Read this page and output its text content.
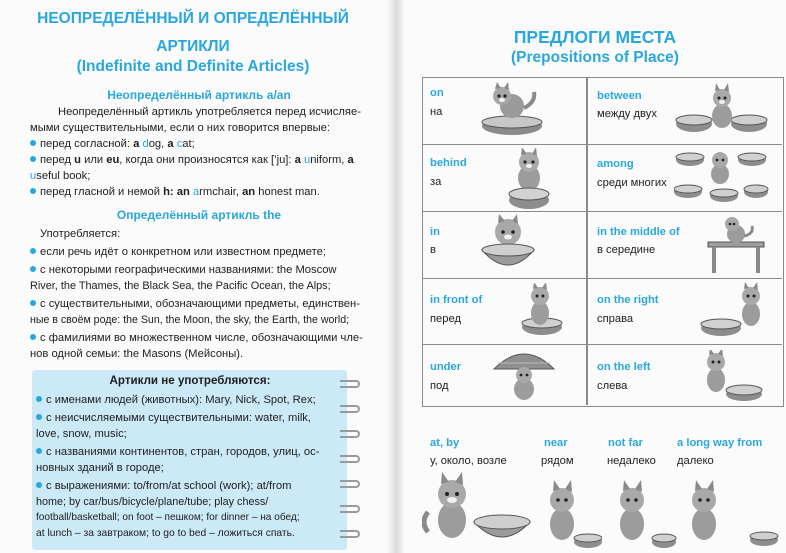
НЕОПРЕДЕЛЁННЫЙ И ОПРЕДЕЛЁННЫЙ
АРТИКЛИ
(Indefinite and Definite Articles)
Неопределённый артикль a/an
Неопределённый артикль употребляется перед исчисляе-
мыми существительными, если о них говорится впервые:
перед согласной: a dog, a cat;
перед u или eu, когда они произносятся как [’ju]: a uniform, a
useful book;
перед гласной и немой h: an armchair, an honest man.
Определённый артикль the
Употребляется:
если речь идёт о конкретном или известном предмете;
с некоторыми географическими названиями: the Moscow
River, the Thames, the Black Sea, the Pacific Ocean, the Alps;
с существительными, обозначающими предметы, единствен-
ные в своём роде: the Sun, the Moon, the sky, the Earth, the world;
с фамилиями во множественном числе, обозначающими чле-
нов одной семьи: the Masons (Мейсоны).
Артикли не употребляются:
с именами людей (животных): Mary, Nick, Spot, Rex;
с неисчисляемыми существительными: water, milk,
love, snow, music;
с названиями континентов, стран, городов, улиц, ос-
новных зданий в городе;
с выражениями: to/from/at school (work); at/from
home; by car/bus/bicycle/plane/tube; play chess/
football/basketball; on foot – пешком; for dinner – на обед;
at lunch – за завтраком; to go to bed – ложиться спать.
ПРЕДЛОГИ МЕСТА
(Prepositions of Place)
on
на
between
между двух
behind
за
among
среди многих
in
в
in the middle of
в середине
in front of
перед
on the right
справа
under
под
on the left
слева
at, by
у, около, возле
near
рядом
not far
недалеко
a long way from
далеко
